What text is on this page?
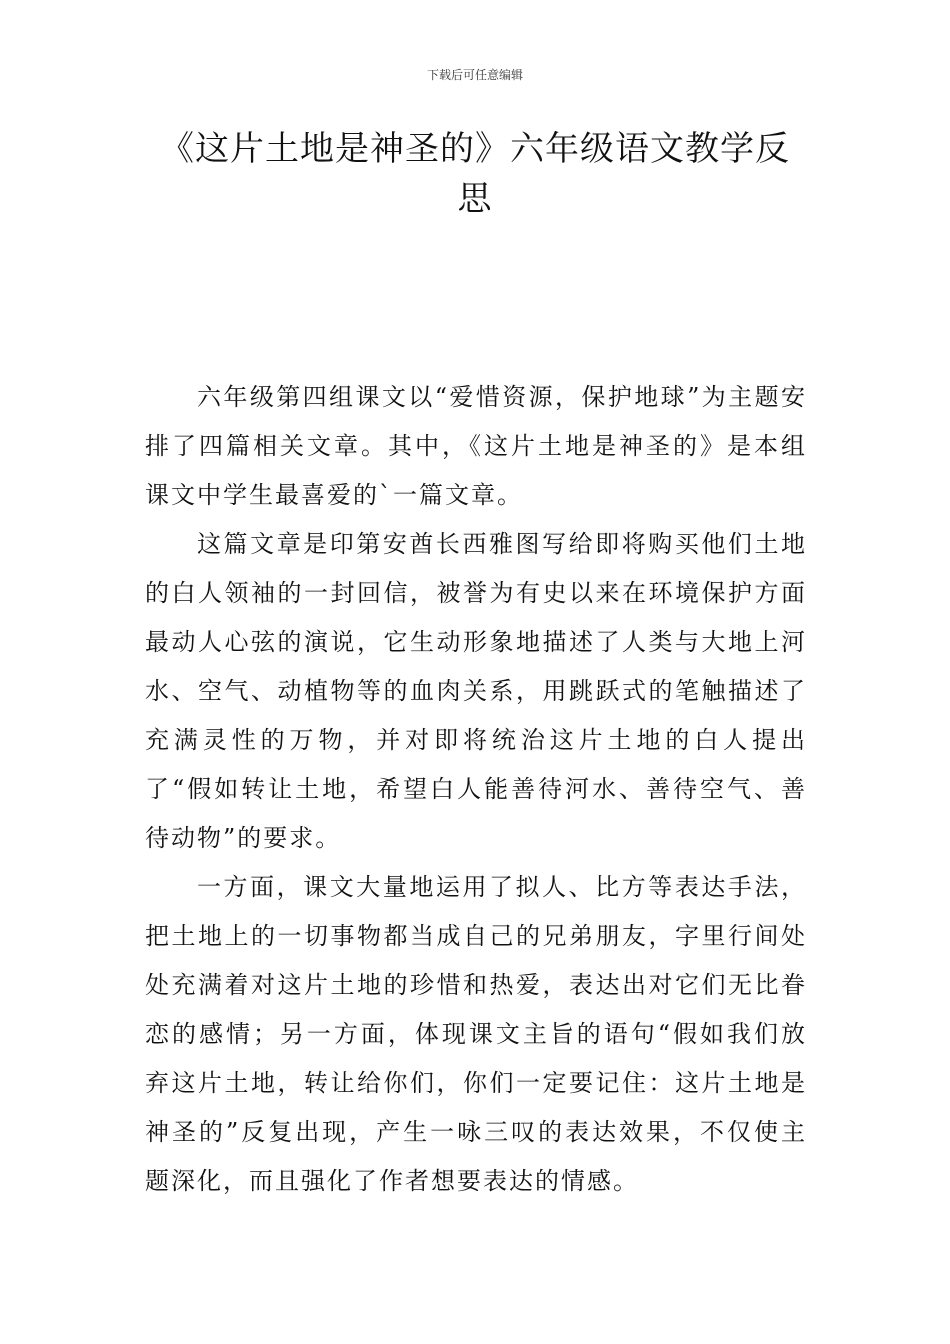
下载后可任意编辑
《这片土地是神圣的》六年级语文教学反思

六年级第四组课文以“爱惜资源，保护地球”为主题安排了四篇相关文章。其中，《这片土地是神圣的》是本组课文中学生最喜爱的`一篇文章。

这篇文章是印第安酋长西雅图写给即将购买他们土地的白人领袖的一封回信，被誉为有史以来在环境保护方面最动人心弦的演说，它生动形象地描述了人类与大地上河水、空气、动植物等的血肉关系，用跳跃式的笔触描述了充满灵性的万物，并对即将统治这片土地的白人提出了“假如转让土地，希望白人能善待河水、善待空气、善待动物”的要求。

一方面，课文大量地运用了拟人、比方等表达手法，把土地上的一切事物都当成自己的兄弟朋友，字里行间处处充满着对这片土地的珍惜和热爱，表达出对它们无比眷恋的感情；另一方面，体现课文主旨的语句“假如我们放弃这片土地，转让给你们，你们一定要记住：这片土地是神圣的”反复出现，产生一咏三叹的表达效果，不仅使主题深化，而且强化了作者想要表达的情感。
